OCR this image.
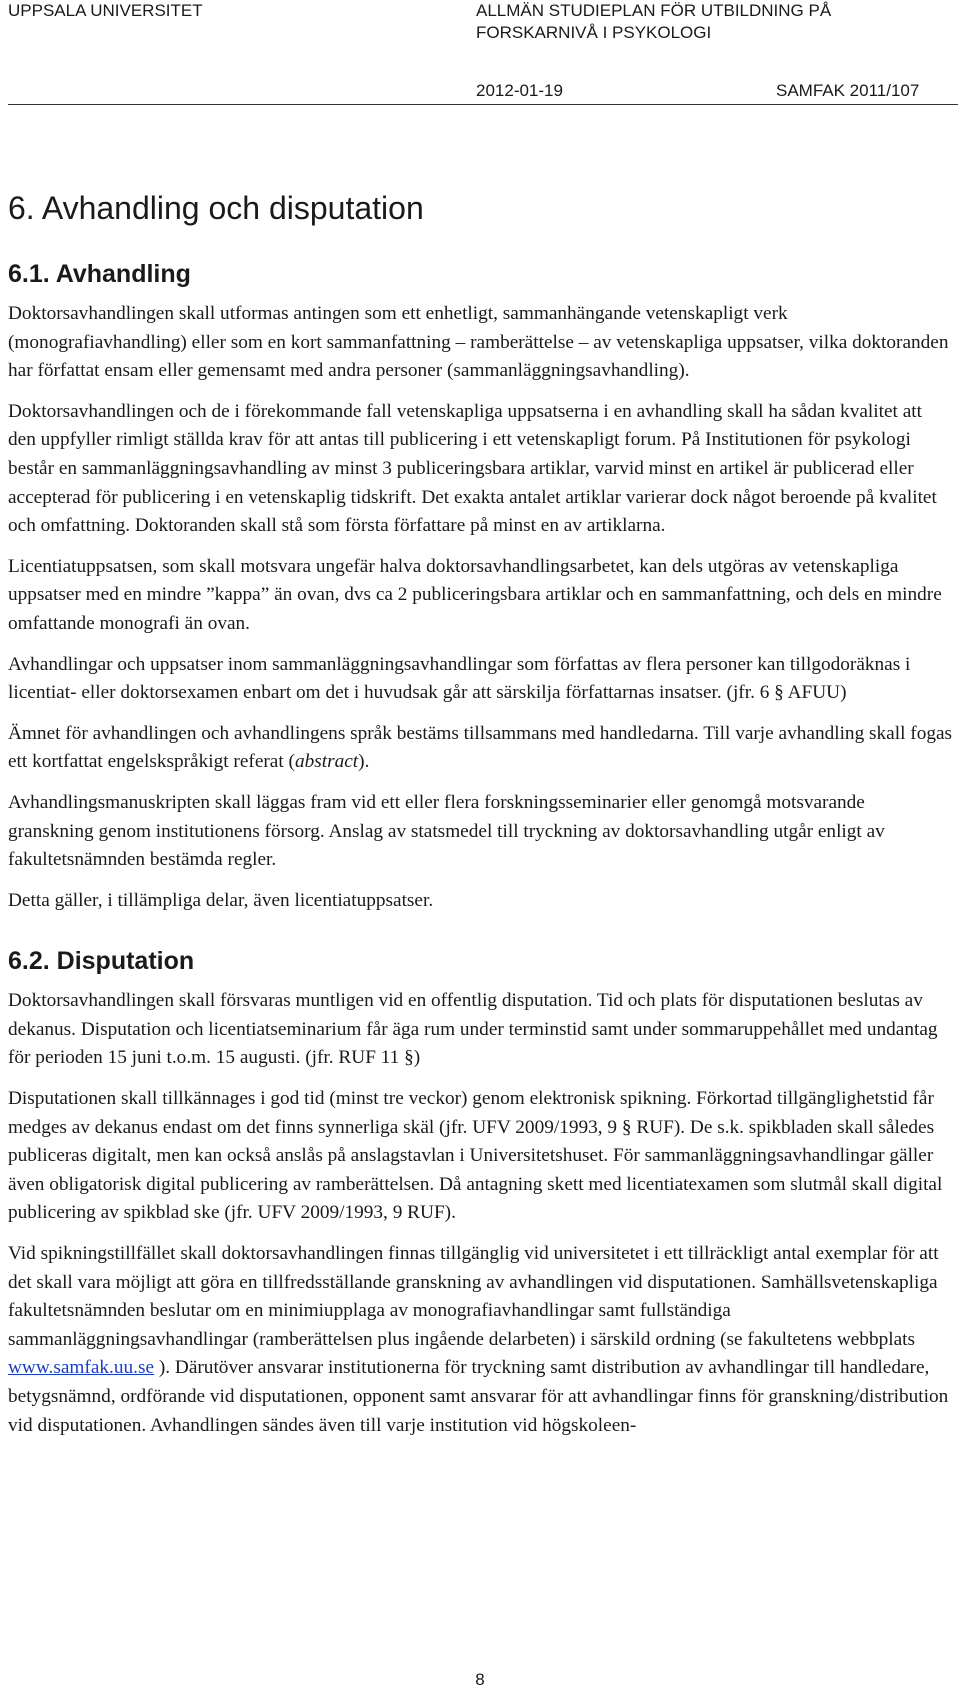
UPPSALA UNIVERSITET	ALLMÄN STUDIEPLAN FÖR UTBILDNING PÅ FORSKARNIVÅ I PSYKOLOGI
2012-01-19	SAMFAK 2011/107
6. Avhandling och disputation
6.1. Avhandling

Doktorsavhandlingen skall utformas antingen som ett enhetligt, sammanhängande vetenskapligt verk (monografiavhandling) eller som en kort sammanfattning – ramberättelse – av vetenskapliga uppsatser, vilka doktoranden har författat ensam eller gemensamt med andra personer (sammanläggningsavhandling).

Doktorsavhandlingen och de i förekommande fall vetenskapliga uppsatserna i en avhandling skall ha sådan kvalitet att den uppfyller rimligt ställda krav för att antas till publicering i ett vetenskapligt forum. På Institutionen för psykologi består en sammanläggningsavhandling av minst 3 publiceringsbara artiklar, varvid minst en artikel är publicerad eller accepterad för publicering i en vetenskaplig tidskrift. Det exakta antalet artiklar varierar dock något beroende på kvalitet och omfattning. Doktoranden skall stå som första författare på minst en av artiklarna.

Licentiatuppsatsen, som skall motsvara ungefär halva doktorsavhandlingsarbetet, kan dels utgöras av vetenskapliga uppsatser med en mindre ”kappa” än ovan, dvs ca 2 publiceringsbara artiklar och en sammanfattning, och dels en mindre omfattande monografi än ovan.

Avhandlingar och uppsatser inom sammanläggningsavhandlingar som författas av flera personer kan tillgodoräknas i licentiat- eller doktorsexamen enbart om det i huvudsak går att särskilja författarnas insatser. (jfr. 6 § AFUU)

Ämnet för avhandlingen och avhandlingens språk bestäms tillsammans med handledarna. Till varje avhandling skall fogas ett kortfattat engelskspråkigt referat (abstract).

Avhandlingsmanuskripten skall läggas fram vid ett eller flera forskningsseminarier eller genomgå motsvarande granskning genom institutionens försorg. Anslag av statsmedel till tryckning av doktorsavhandling utgår enligt av fakultetsnämnden bestämda regler.

Detta gäller, i tillämpliga delar, även licentiatuppsatser.

6.2. Disputation

Doktorsavhandlingen skall försvaras muntligen vid en offentlig disputation. Tid och plats för disputationen beslutas av dekanus. Disputation och licentiatseminarium får äga rum under terminstid samt under sommaruppehållet med undantag för perioden 15 juni t.o.m. 15 augusti. (jfr. RUF 11 §)

Disputationen skall tillkännages i god tid (minst tre veckor) genom elektronisk spikning. Förkortad tillgänglighetstid får medges av dekanus endast om det finns synnerliga skäl (jfr. UFV 2009/1993, 9 § RUF). De s.k. spikbladen skall således publiceras digitalt, men kan också anslås på anslagstavlan i Universitetshuset. För sammanläggningsavhandlingar gäller även obligatorisk digital publicering av ramberättelsen. Då antagning skett med licentiatexamen som slutmål skall digital publicering av spikblad ske (jfr. UFV 2009/1993, 9 RUF).

Vid spikningstillfället skall doktorsavhandlingen finnas tillgänglig vid universitetet i ett tillräckligt antal exemplar för att det skall vara möjligt att göra en tillfredsställande granskning av avhandlingen vid disputationen. Samhällsvetenskapliga fakultetsnämnden beslutar om en minimiupplaga av monografiavhandlingar samt fullständiga sammanläggningsavhandlingar (ramberättelsen plus ingående delarbeten) i särskild ordning (se fakultetens webbplats www.samfak.uu.se ). Därutöver ansvarar institutionerna för tryckning samt distribution av avhandlingar till handledare, betygsnämnd, ordförande vid disputationen, opponent samt ansvarar för att avhandlingar finns för granskning/distribution vid disputationen. Avhandlingen sändes även till varje institution vid högskoleen-

8
